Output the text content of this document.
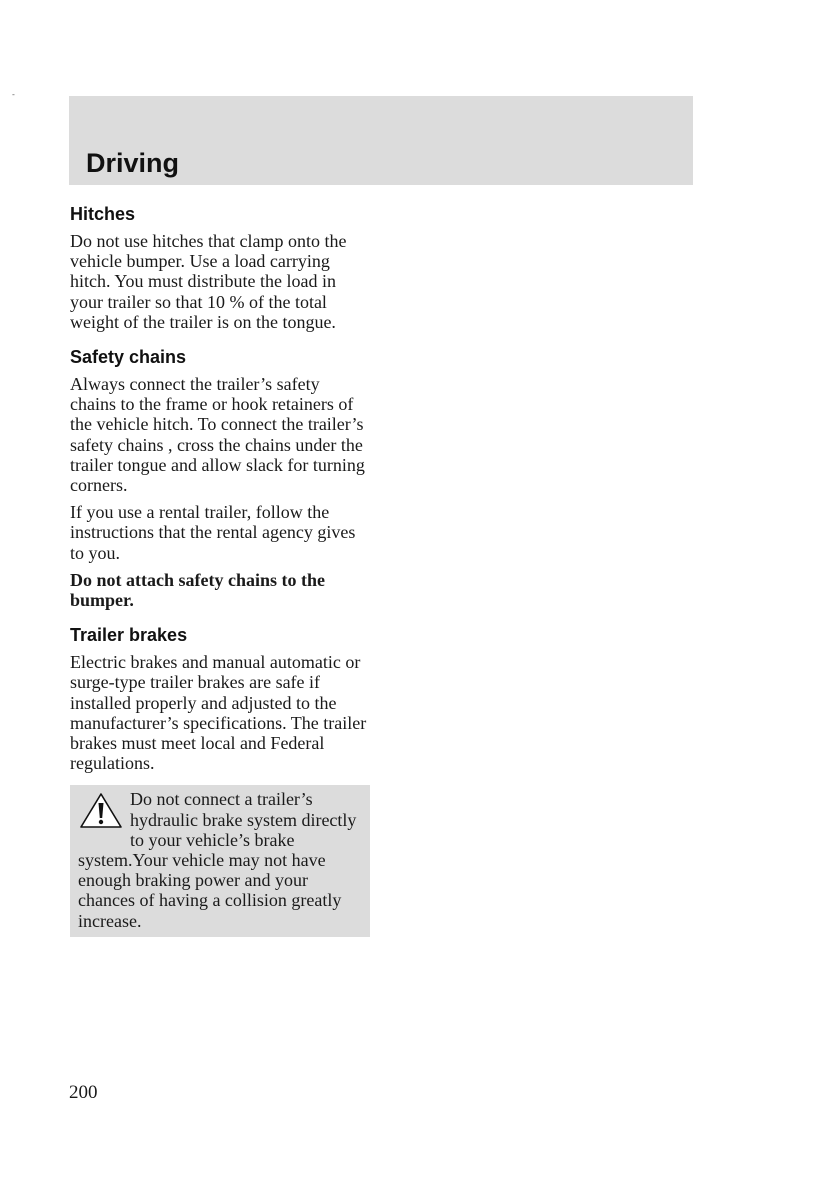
-
Driving
Hitches

Do not use hitches that clamp onto the vehicle bumper. Use a load carrying hitch. You must distribute the load in your trailer so that 10 % of the total weight of the trailer is on the tongue.

Safety chains

Always connect the trailer’s safety chains to the frame or hook retainers of the vehicle hitch. To connect the trailer’s safety chains , cross the chains under the trailer tongue and allow slack for turning corners.

If you use a rental trailer, follow the instructions that the rental agency gives to you.

Do not attach safety chains to the bumper.

Trailer brakes

Electric brakes and manual automatic or surge-type trailer brakes are safe if installed properly and adjusted to the manufacturer’s specifications. The trailer brakes must meet local and Federal regulations.

Do not connect a trailer’s hydraulic brake system directly to your vehicle’s brake system.Your vehicle may not have enough braking power and your chances of having a collision greatly increase.

200
